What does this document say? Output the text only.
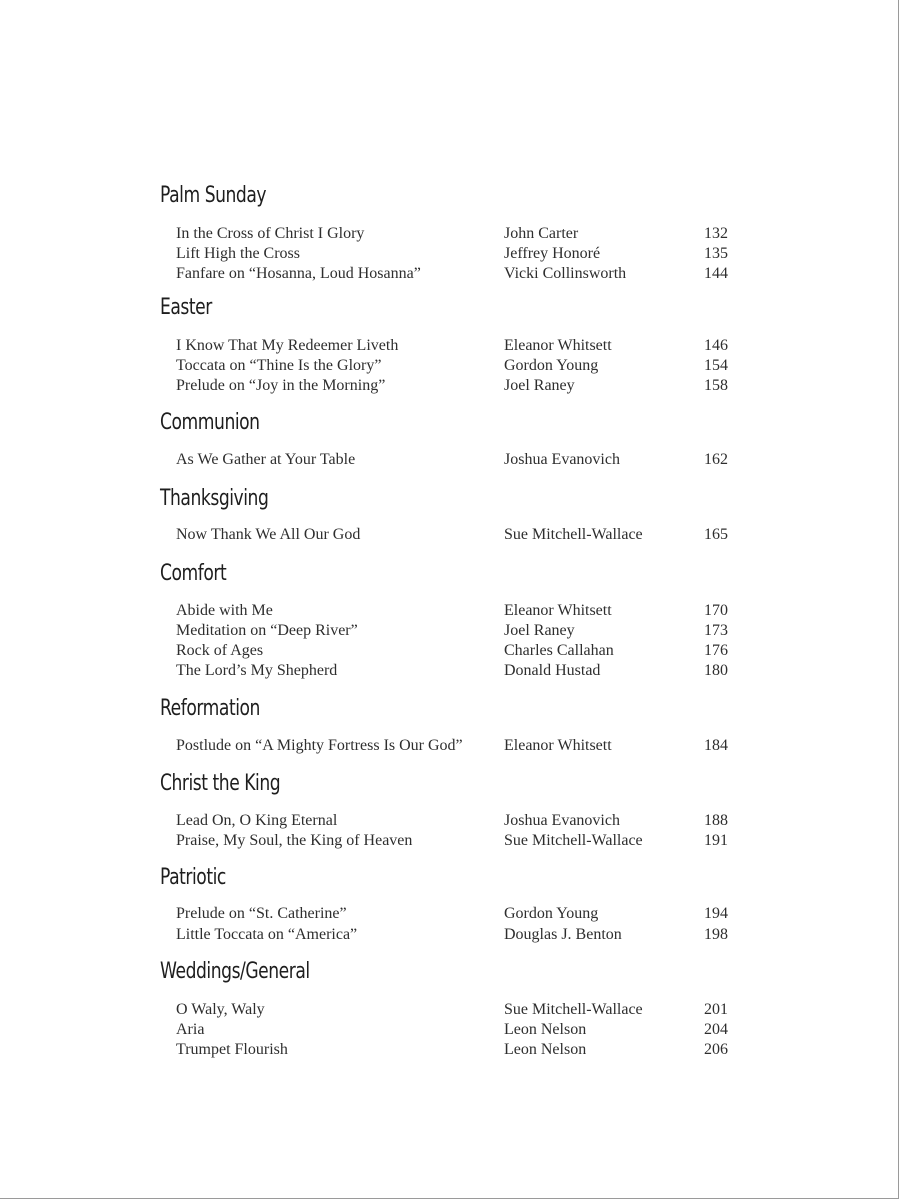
Palm Sunday
In the Cross of Christ I Glory	John Carter	132
Lift High the Cross	Jeffrey Honoré	135
Fanfare on “Hosanna, Loud Hosanna”	Vicki Collinsworth	144
Easter
I Know That My Redeemer Liveth	Eleanor Whitsett	146
Toccata on “Thine Is the Glory”	Gordon Young	154
Prelude on “Joy in the Morning”	Joel Raney	158
Communion
As We Gather at Your Table	Joshua Evanovich	162
Thanksgiving
Now Thank We All Our God	Sue Mitchell-Wallace	165
Comfort
Abide with Me	Eleanor Whitsett	170
Meditation on “Deep River”	Joel Raney	173
Rock of Ages	Charles Callahan	176
The Lord’s My Shepherd	Donald Hustad	180
Reformation
Postlude on “A Mighty Fortress Is Our God”	Eleanor Whitsett	184
Christ the King
Lead On, O King Eternal	Joshua Evanovich	188
Praise, My Soul, the King of Heaven	Sue Mitchell-Wallace	191
Patriotic
Prelude on “St. Catherine”	Gordon Young	194
Little Toccata on “America”	Douglas J. Benton	198
Weddings/General
O Waly, Waly	Sue Mitchell-Wallace	201
Aria	Leon Nelson	204
Trumpet Flourish	Leon Nelson	206
